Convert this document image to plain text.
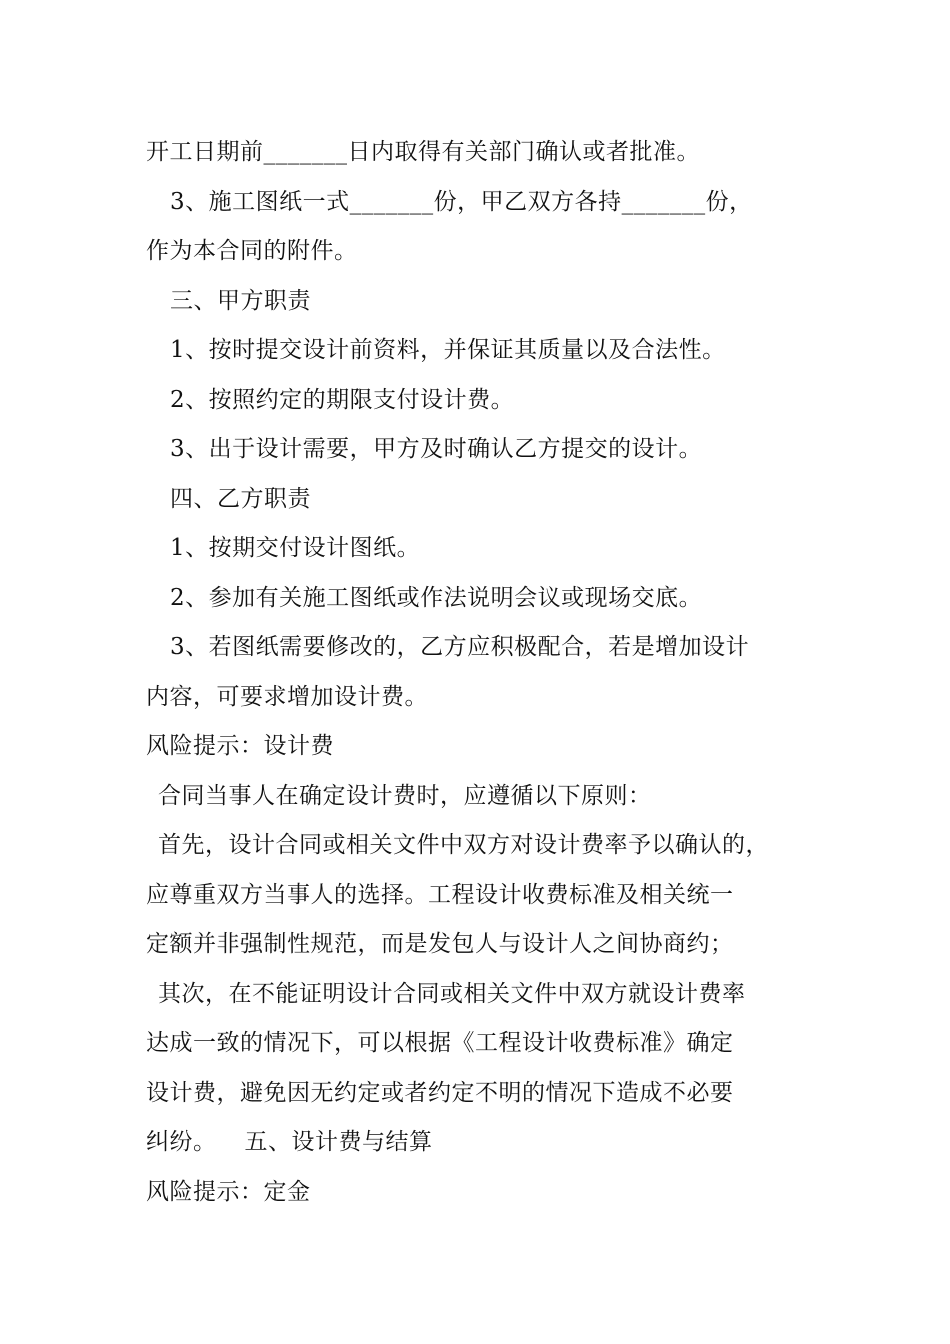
开工日期前_______日内取得有关部门确认或者批准。
3、施工图纸一式_______份，甲乙双方各持_______份，
作为本合同的附件。
三、甲方职责
1、按时提交设计前资料，并保证其质量以及合法性。
2、按照约定的期限支付设计费。
3、出于设计需要，甲方及时确认乙方提交的设计。
四、乙方职责
1、按期交付设计图纸。
2、参加有关施工图纸或作法说明会议或现场交底。
3、若图纸需要修改的，乙方应积极配合，若是增加设计
内容，可要求增加设计费。
风险提示：设计费
合同当事人在确定设计费时，应遵循以下原则：
首先，设计合同或相关文件中双方对设计费率予以确认的，
应尊重双方当事人的选择。工程设计收费标准及相关统一
定额并非强制性规范，而是发包人与设计人之间协商约；
其次，在不能证明设计合同或相关文件中双方就设计费率
达成一致的情况下，可以根据《工程设计收费标准》确定
设计费，避免因无约定或者约定不明的情况下造成不必要
纠纷。 五、设计费与结算
风险提示：定金
